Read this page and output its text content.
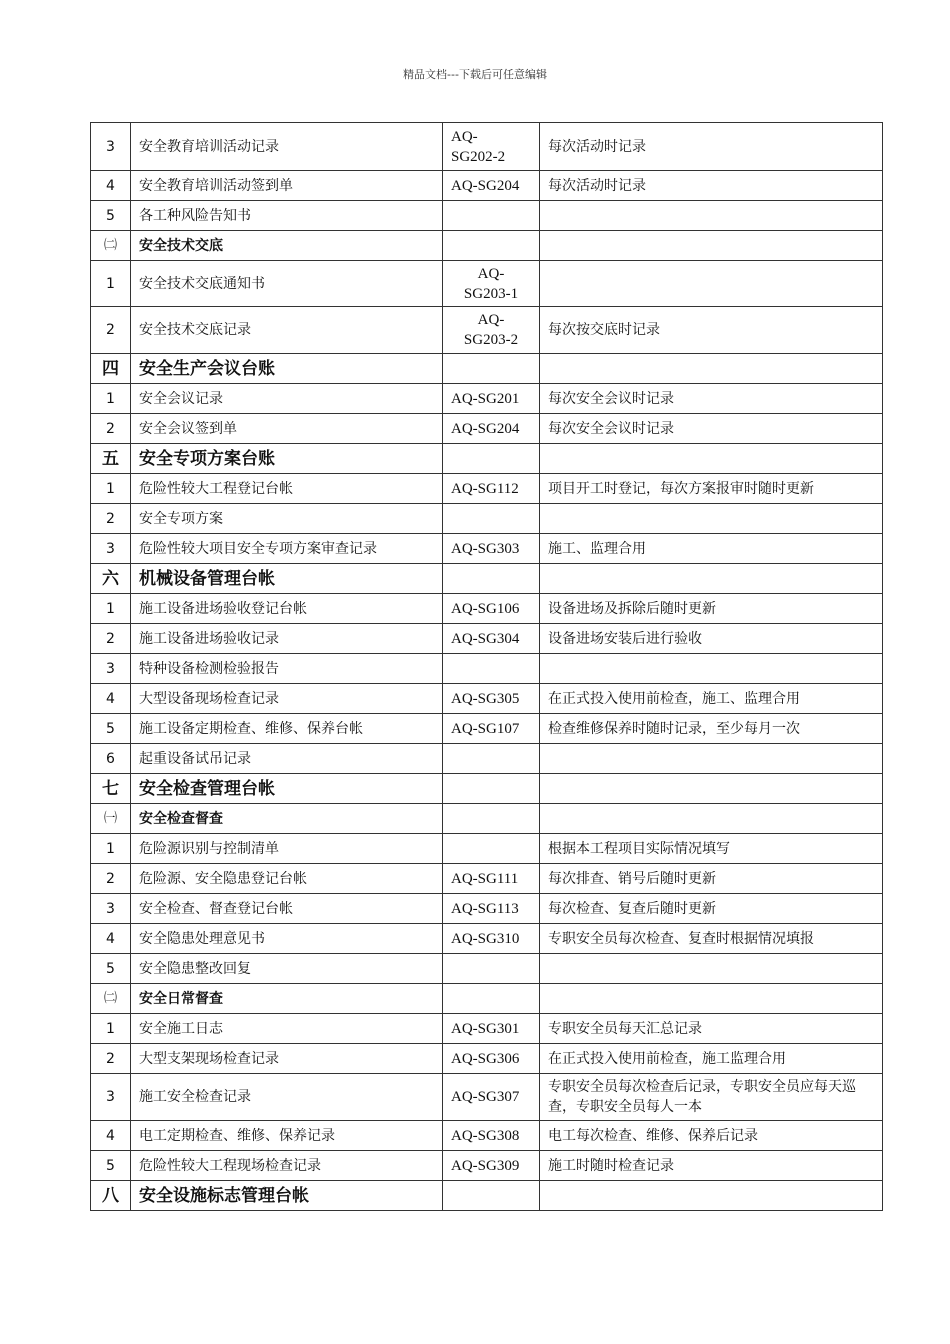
精品文档---下载后可任意编辑
3	安全教育培训活动记录	AQ-
SG202-2	每次活动时记录
4	安全教育培训活动签到单	AQ-SG204	每次活动时记录
5	各工种风险告知书		
㈡	安全技术交底		
1	安全技术交底通知书	AQ-
SG203-1	
2	安全技术交底记录	AQ-
SG203-2	每次按交底时记录
四	安全生产会议台账		
1	安全会议记录	AQ-SG201	每次安全会议时记录
2	安全会议签到单	AQ-SG204	每次安全会议时记录
五	安全专项方案台账		
1	危险性较大工程登记台帐	AQ-SG112	项目开工时登记，每次方案报审时随时更新
2	安全专项方案		
3	危险性较大项目安全专项方案审查记录	AQ-SG303	施工、监理合用
六	机械设备管理台帐		
1	施工设备进场验收登记台帐	AQ-SG106	设备进场及拆除后随时更新
2	施工设备进场验收记录	AQ-SG304	设备进场安装后进行验收
3	特种设备检测检验报告		
4	大型设备现场检查记录	AQ-SG305	在正式投入使用前检查，施工、监理合用
5	施工设备定期检查、维修、保养台帐	AQ-SG107	检查维修保养时随时记录，至少每月一次
6	起重设备试吊记录		
七	安全检查管理台帐		
㈠	安全检查督查		
1	危险源识别与控制清单		根据本工程项目实际情况填写
2	危险源、安全隐患登记台帐	AQ-SG111	每次排查、销号后随时更新
3	安全检查、督查登记台帐	AQ-SG113	每次检查、复查后随时更新
4	安全隐患处理意见书	AQ-SG310	专职安全员每次检查、复查时根据情况填报
5	安全隐患整改回复		
㈡	安全日常督查		
1	安全施工日志	AQ-SG301	专职安全员每天汇总记录
2	大型支架现场检查记录	AQ-SG306	在正式投入使用前检查，施工监理合用
3	施工安全检查记录	AQ-SG307	专职安全员每次检查后记录，专职安全员应每天巡查，专职安全员每人一本
4	电工定期检查、维修、保养记录	AQ-SG308	电工每次检查、维修、保养后记录
5	危险性较大工程现场检查记录	AQ-SG309	施工时随时检查记录
八	安全设施标志管理台帐		
